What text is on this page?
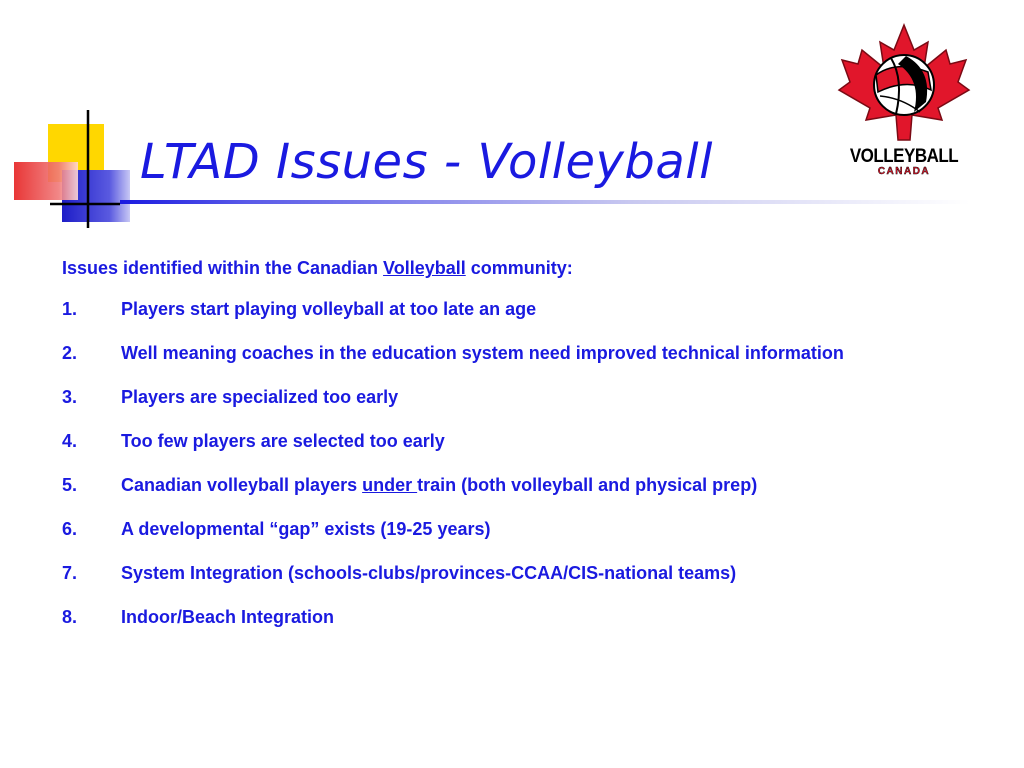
LTAD Issues - Volleyball	VOLLEYBALL
CANADA

Issues identified within the Canadian Volleyball community:

1.	Players start playing volleyball at too late an age
2.	Well meaning coaches in the education system need improved technical information
3.	Players are specialized too early
4.	Too few players are selected too early
5.	Canadian volleyball players under train (both volleyball and physical prep)
6.	A developmental “gap” exists (19-25 years)
7.	System Integration (schools-clubs/provinces-CCAA/CIS-national teams)
8.	Indoor/Beach Integration
